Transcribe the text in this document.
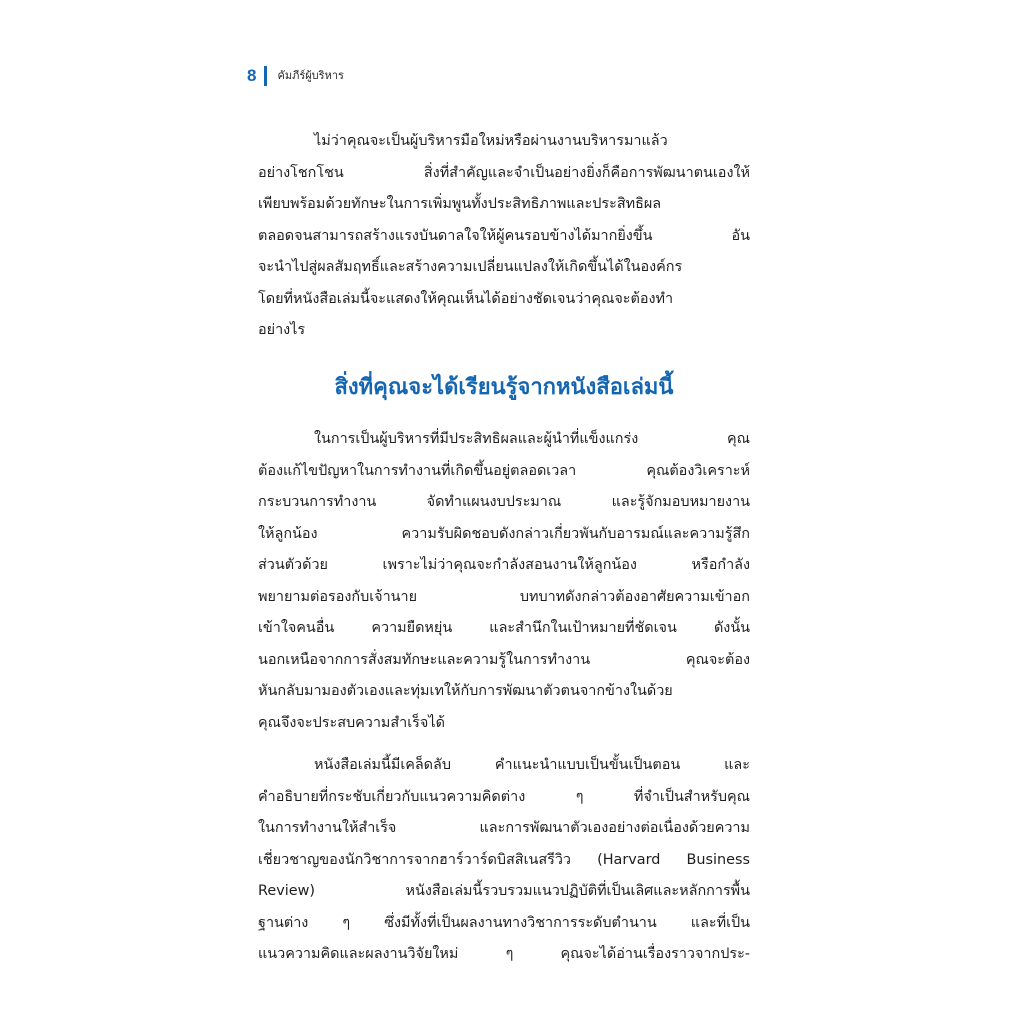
8 คัมภีร์ผู้บริหาร
ไม่ว่าคุณจะเป็นผู้บริหารมือใหม่หรือผ่านงานบริหารมาแล้ว
อย่างโชกโชน สิ่งที่สำคัญและจำเป็นอย่างยิ่งก็คือการพัฒนาตนเองให้
เพียบพร้อมด้วยทักษะในการเพิ่มพูนทั้งประสิทธิภาพและประสิทธิผล
ตลอดจนสามารถสร้างแรงบันดาลใจให้ผู้คนรอบข้างได้มากยิ่งขึ้น อัน
จะนำไปสู่ผลสัมฤทธิ์และสร้างความเปลี่ยนแปลงให้เกิดขึ้นได้ในองค์กร
โดยที่หนังสือเล่มนี้จะแสดงให้คุณเห็นได้อย่างชัดเจนว่าคุณจะต้องทำ
อย่างไร
สิ่งที่คุณจะได้เรียนรู้จากหนังสือเล่มนี้
ในการเป็นผู้บริหารที่มีประสิทธิผลและผู้นำที่แข็งแกร่ง คุณ
ต้องแก้ไขปัญหาในการทำงานที่เกิดขึ้นอยู่ตลอดเวลา คุณต้องวิเคราะห์
กระบวนการทำงาน จัดทำแผนงบประมาณ และรู้จักมอบหมายงาน
ให้ลูกน้อง ความรับผิดชอบดังกล่าวเกี่ยวพันกับอารมณ์และความรู้สึก
ส่วนตัวด้วย เพราะไม่ว่าคุณจะกำลังสอนงานให้ลูกน้อง หรือกำลัง
พยายามต่อรองกับเจ้านาย บทบาทดังกล่าวต้องอาศัยความเข้าอก
เข้าใจคนอื่น ความยืดหยุ่น และสำนึกในเป้าหมายที่ชัดเจน ดังนั้น
นอกเหนือจากการสั่งสมทักษะและความรู้ในการทำงาน คุณจะต้อง
หันกลับมามองตัวเองและทุ่มเทให้กับการพัฒนาตัวตนจากข้างในด้วย
คุณจึงจะประสบความสำเร็จได้
หนังสือเล่มนี้มีเคล็ดลับ คำแนะนำแบบเป็นขั้นเป็นตอน และ
คำอธิบายที่กระชับเกี่ยวกับแนวความคิดต่าง ๆ ที่จำเป็นสำหรับคุณ
ในการทำงานให้สำเร็จ และการพัฒนาตัวเองอย่างต่อเนื่องด้วยความ
เชี่ยวชาญของนักวิชาการจากฮาร์วาร์ดบิสสิเนสรีวิว (Harvard Business
Review) หนังสือเล่มนี้รวบรวมแนวปฏิบัติที่เป็นเลิศและหลักการพื้น
ฐานต่าง ๆ ซึ่งมีทั้งที่เป็นผลงานทางวิชาการระดับตำนาน และที่เป็น
แนวความคิดและผลงานวิจัยใหม่ ๆ คุณจะได้อ่านเรื่องราวจากประ-
